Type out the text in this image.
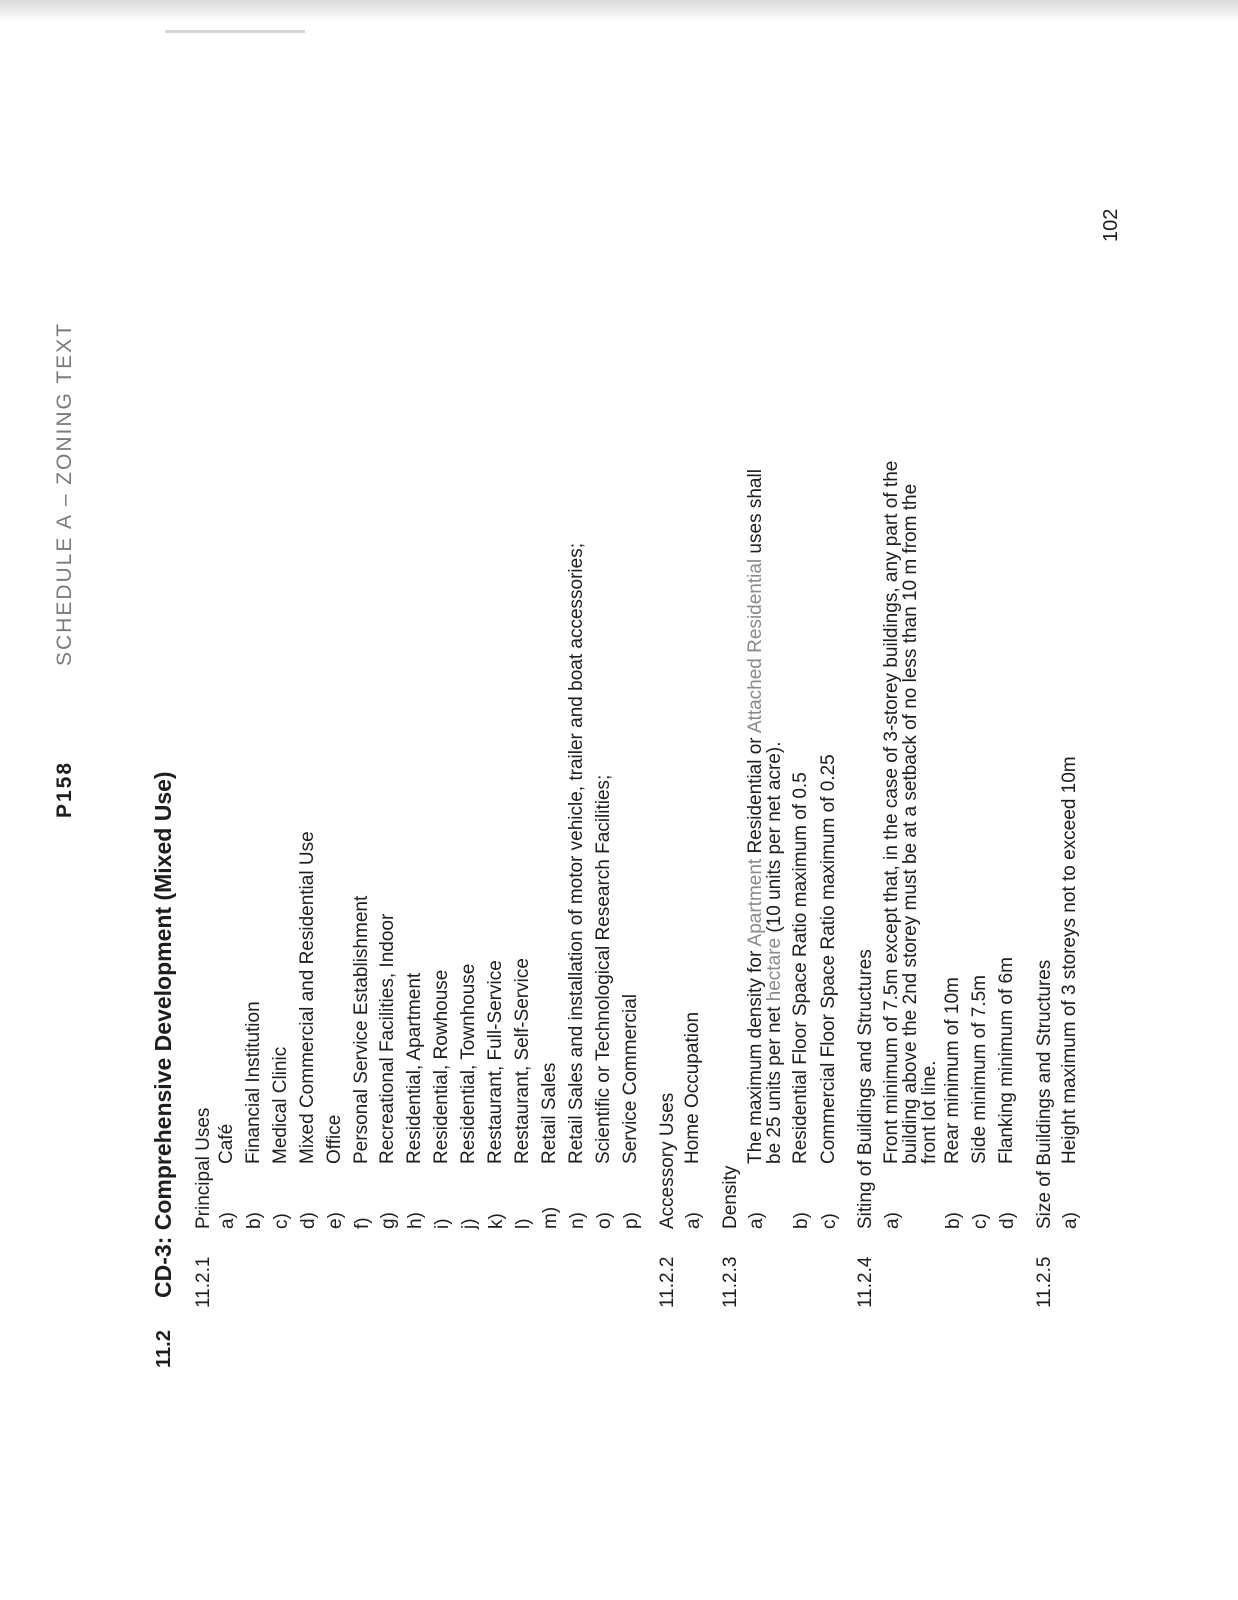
P158
SCHEDULE A – ZONING TEXT
102
11.2
CD-3: Comprehensive Development (Mixed Use) 11.2.1
Principal Uses a)
Café
b)
Financial Institution
c)
Medical Clinic
d)
Mixed Commercial and Residential Use
e)
Office
f)
Personal Service Establishment
g)
Recreational Facilities, Indoor
h)
Residential, Apartment
i)
Residential, Rowhouse
j)
Residential, Townhouse
k)
Restaurant, Full-Service
l)
Restaurant, Self-Service
m)
Retail Sales
n)
Retail Sales and installation of motor vehicle, trailer and boat accessories;
o)
Scientific or Technological Research Facilities;
p)
Service Commercial
11.2.2
Accessory Uses a)
Home Occupation
11.2.3
Density a)
The maximum density for Apartment Residential or Attached Residential uses shall
be 25 units per net hectare (10 units per net acre).
b)
Residential Floor Space Ratio maximum of 0.5
c)
Commercial Floor Space Ratio maximum of 0.25
11.2.4
Siting of Buildings and Structures a)
Front minimum of 7.5m except that, in the case of 3-storey buildings, any part of the
building above the 2nd storey must be at a setback of no less than 10 m from the
front lot line.
b)
Rear minimum of 10m
c)
Side minimum of 7.5m
d)
Flanking minimum of 6m
11.2.5
Size of Buildings and Structures a)
Height maximum of 3 storeys not to exceed 10m
